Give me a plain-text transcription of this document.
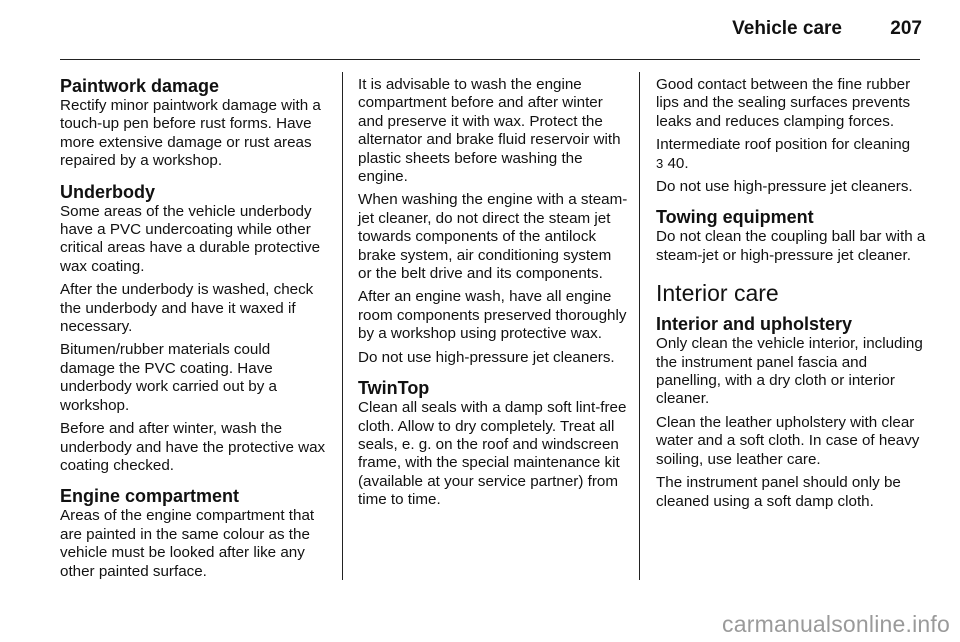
Vehicle care	207
Paintwork damage

Rectify minor paintwork damage with a touch-up pen before rust forms. Have more extensive damage or rust areas repaired by a workshop.

Underbody

Some areas of the vehicle underbody have a PVC undercoating while other critical areas have a durable protective wax coating.

After the underbody is washed, check the underbody and have it waxed if necessary.

Bitumen/rubber materials could damage the PVC coating. Have underbody work carried out by a workshop.

Before and after winter, wash the underbody and have the protective wax coating checked.

Engine compartment

Areas of the engine compartment that are painted in the same colour as the vehicle must be looked after like any other painted surface.

It is advisable to wash the engine compartment before and after winter and preserve it with wax. Protect the alternator and brake fluid reservoir with plastic sheets before washing the engine.

When washing the engine with a steam-jet cleaner, do not direct the steam jet towards components of the antilock brake system, air conditioning system or the belt drive and its components.

After an engine wash, have all engine room components preserved thoroughly by a workshop using protective wax.

Do not use high-pressure jet cleaners.

TwinTop

Clean all seals with a damp soft lint-free cloth. Allow to dry completely. Treat all seals, e. g. on the roof and windscreen frame, with the special maintenance kit (available at your service partner) from time to time.

Good contact between the fine rubber lips and the sealing surfaces prevents leaks and reduces clamping forces.

Intermediate roof position for cleaning
3 40.

Do not use high-pressure jet cleaners.

Towing equipment

Do not clean the coupling ball bar with a steam-jet or high-pressure jet cleaner.

Interior care
Interior and upholstery

Only clean the vehicle interior, including the instrument panel fascia and panelling, with a dry cloth or interior cleaner.

Clean the leather upholstery with clear water and a soft cloth. In case of heavy soiling, use leather care.

The instrument panel should only be cleaned using a soft damp cloth.

carmanualsonline.info
